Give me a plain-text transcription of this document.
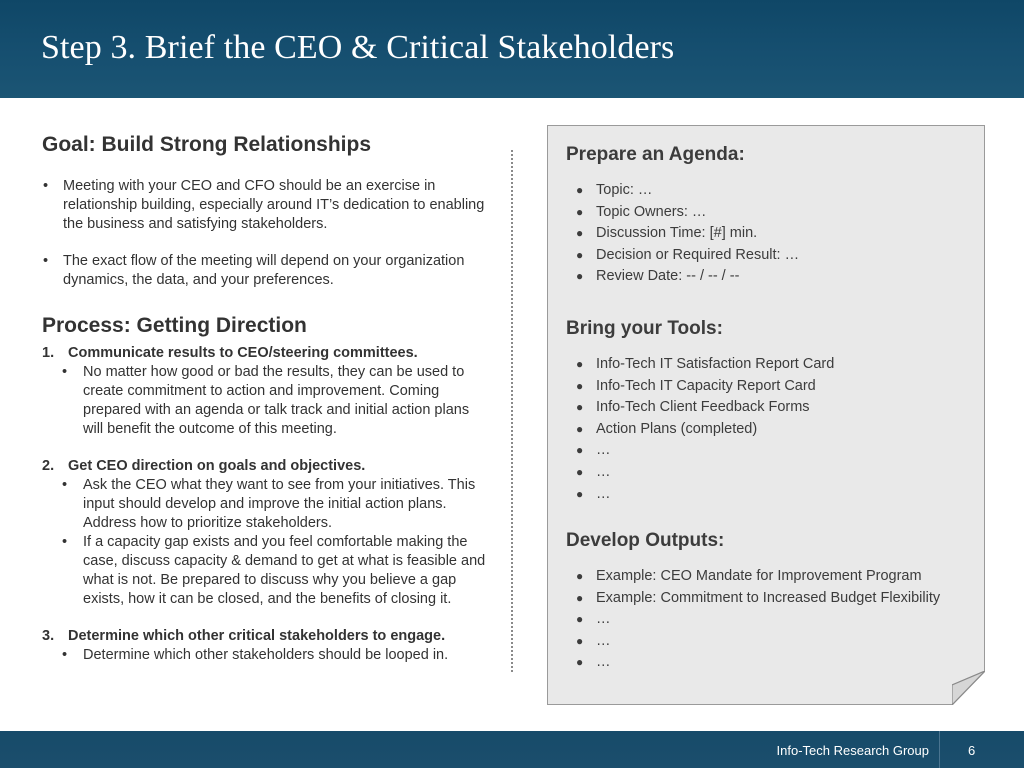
Step 3. Brief the CEO & Critical Stakeholders
Goal: Build Strong Relationships
• Meeting with your CEO and CFO should be an exercise in relationship building, especially around IT’s dedication to enabling the business and satisfying stakeholders.
• The exact flow of the meeting will depend on your organization dynamics, the data, and your preferences.
Process: Getting Direction
1. Communicate results to CEO/steering committees.
• No matter how good or bad the results, they can be used to create commitment to action and improvement. Coming prepared with an agenda or talk track and initial action plans will benefit the outcome of this meeting.
2. Get CEO direction on goals and objectives.
• Ask the CEO what they want to see from your initiatives. This input should develop and improve the initial action plans. Address how to prioritize stakeholders.
• If a capacity gap exists and you feel comfortable making the case, discuss capacity & demand to get at what is feasible and what is not. Be prepared to discuss why you believe a gap exists, how it can be closed, and the benefits of closing it.
3. Determine which other critical stakeholders to engage.
• Determine which other stakeholders should be looped in.
Prepare an Agenda:
● Topic: …
● Topic Owners: …
● Discussion Time: [#] min.
● Decision or Required Result: …
● Review Date: -- / -- / --
Bring your Tools:
● Info-Tech IT Satisfaction Report Card
● Info-Tech IT Capacity Report Card
● Info-Tech Client Feedback Forms
● Action Plans (completed)
● …
● …
● …
Develop Outputs:
● Example: CEO Mandate for Improvement Program
● Example: Commitment to Increased Budget Flexibility
● …
● …
● …
Info-Tech Research Group	6
